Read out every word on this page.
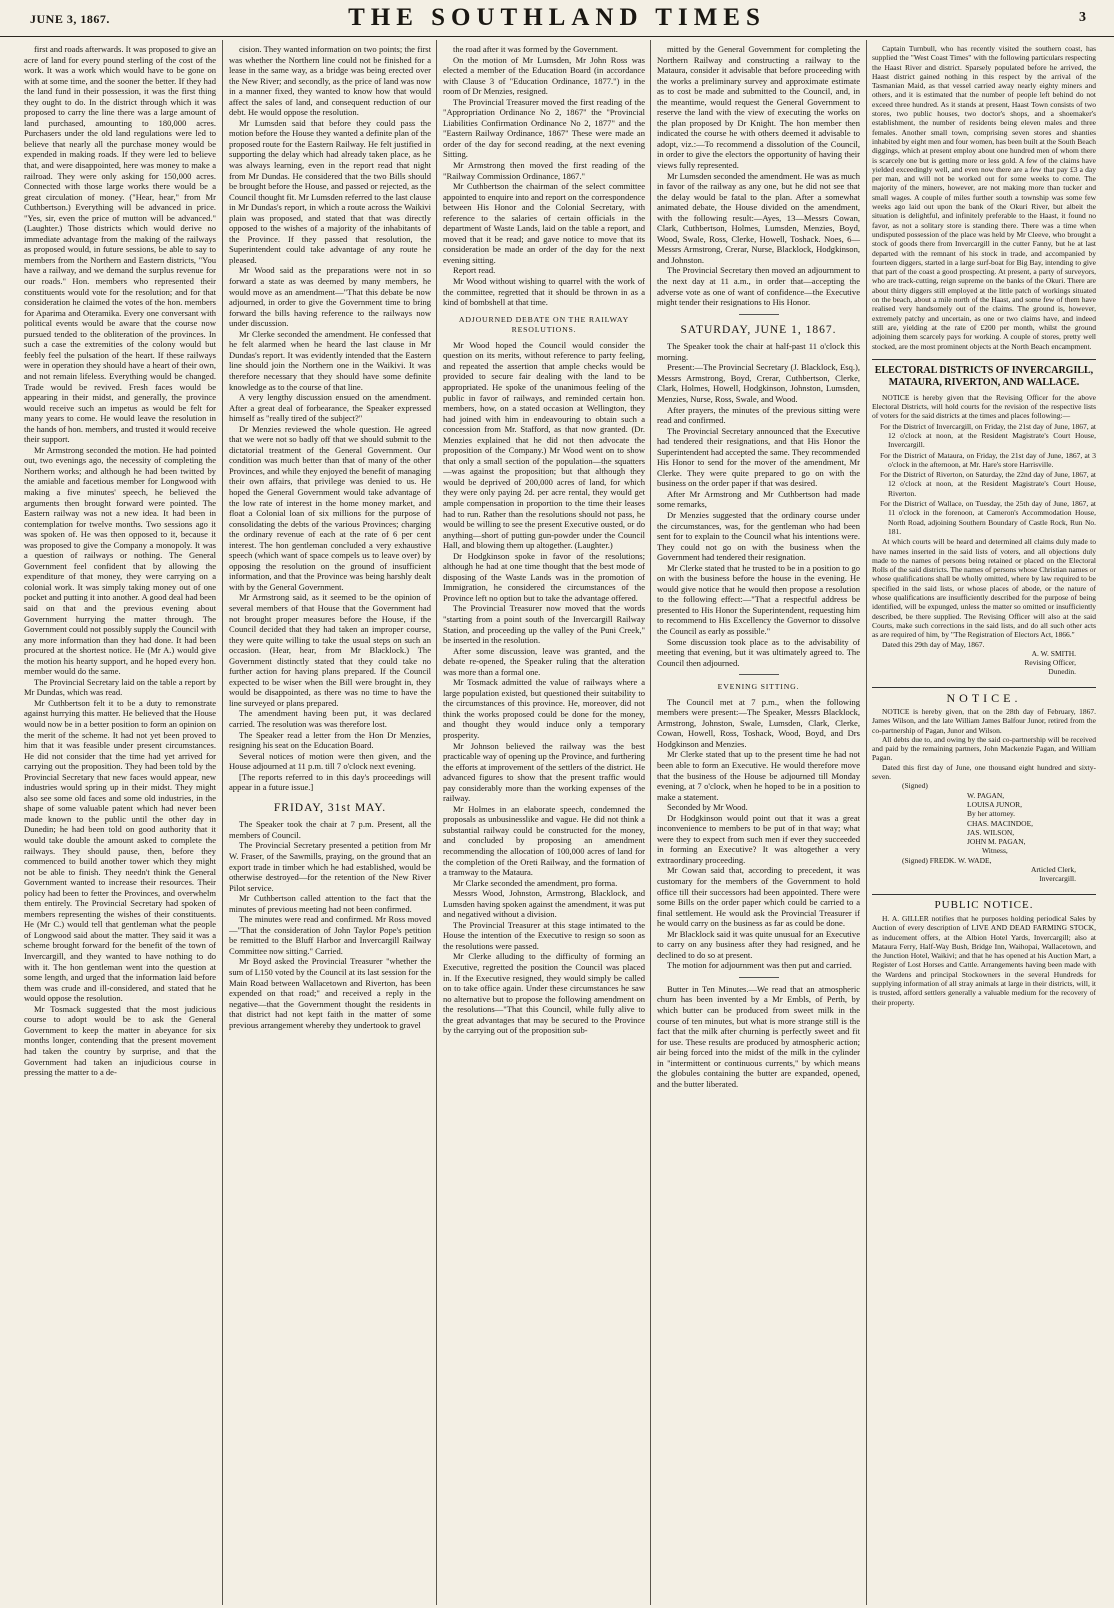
JUNE 3, 1867.	THE SOUTHLAND TIMES	3

first and roads afterwards. It was proposed to give an acre of land for every pound sterling of the cost of the work. It was a work which would have to be gone on with at some time, and the sooner the better. If they had the land fund in their possession, it was the first thing they ought to do. In the district through which it was proposed to carry the line there was a large amount of land purchased, amounting to 180,000 acres. Purchasers under the old land regulations were led to believe that nearly all the purchase money would be expended in making roads. If they were led to believe that, and were disappointed, here was money to make a railroad. They were only asking for 150,000 acres. Connected with those large works there would be a great circulation of money. ("Hear, hear," from Mr Cuthbertson.) Everything will be advanced in price. "Yes, sir, even the price of mutton will be advanced." (Laughter.) Those districts which would derive no immediate advantage from the making of the railways as proposed would, in future sessions, be able to say to members from the Northern and Eastern districts, "You have a railway, and we demand the surplus revenue for our roads." Hon. members who represented their constituents would vote for the resolution; and for that consideration he claimed the votes of the hon. members for Aparima and Oteramika. Every one conversant with political events would be aware that the course now pursued tended to the obliteration of the provinces. In such a case the extremities of the colony would but feebly feel the pulsation of the heart. If these railways were in operation they should have a heart of their own, and not remain lifeless. Everything would be changed. Trade would be revived. Fresh faces would be appearing in their midst, and generally, the province would receive such an impetus as would be felt for many years to come. He would leave the resolution in the hands of hon. members, and trusted it would receive their support.

Mr Armstrong seconded the motion. He had pointed out, two evenings ago, the necessity of completing the Northern works; and although he had been twitted by the amiable and facetious member for Longwood with making a five minutes' speech, he believed the arguments then brought forward were pointed. The Eastern railway was not a new idea. It had been in contemplation for twelve months. Two sessions ago it was spoken of. He was then opposed to it, because it was proposed to give the Company a monopoly. It was a question of railways or nothing. The General Government feel confident that by allowing the expenditure of that money, they were carrying on a colonial work. It was simply taking money out of one pocket and putting it into another. A good deal had been said on that and the previous evening about Government hurrying the matter through. The Government could not possibly supply the Council with any more information than they had done. It had been procured at the shortest notice. He (Mr A.) would give the motion his hearty support, and he hoped every hon. member would do the same.

The Provincial Secretary laid on the table a report by Mr Dundas, which was read.

Mr Cuthbertson felt it to be a duty to remonstrate against hurrying this matter. He believed that the House would now be in a better position to form an opinion on the merit of the scheme. It had not yet been proved to him that it was feasible under present circumstances. He did not consider that the time had yet arrived for carrying out the proposition. They had been told by the Provincial Secretary that new faces would appear, new industries would spring up in their midst. They might also see some old faces and some old industries, in the shape of some valuable patent which had never been made known to the public until the other day in Dunedin; he had been told on good authority that it would take double the amount asked to complete the railways. They should pause, then, before they commenced to build another tower which they might not be able to finish. They needn't think the General Government wanted to increase their resources. Their policy had been to fetter the Provinces, and overwhelm them entirely. The Provincial Secretary had spoken of members representing the wishes of their constituents. He (Mr C.) would tell that gentleman what the people of Longwood said about the matter. They said it was a scheme brought forward for the benefit of the town of Invercargill, and they wanted to have nothing to do with it. The hon gentleman went into the question at some length, and urged that the information laid before them was crude and ill-considered, and stated that he would oppose the resolution.

Mr Tosmack suggested that the most judicious course to adopt would be to ask the General Government to keep the matter in abeyance for six months longer, contending that the present movement had taken the country by surprise, and that the Government had taken an injudicious course in pressing the matter to a de-

cision. They wanted information on two points; the first was whether the Northern line could not be finished for a lease in the same way, as a bridge was being erected over the New River; and secondly, as the price of land was now in a manner fixed, they wanted to know how that would affect the sales of land, and consequent reduction of our debt. He would oppose the resolution.

Mr Lumsden said that before they could pass the motion before the House they wanted a definite plan of the proposed route for the Eastern Railway. He felt justified in supporting the delay which had already taken place, as he was always learning, even in the report read that night from Mr Dundas. He considered that the two Bills should be brought before the House, and passed or rejected, as the Council thought fit. Mr Lumsden referred to the last clause in Mr Dundas's report, in which a route across the Waikivi plain was proposed, and stated that that was directly opposed to the wishes of a majority of the inhabitants of the Province. If they passed that resolution, the Superintendent could take advantage of any route he pleased.

Mr Wood said as the preparations were not in so forward a state as was deemed by many members, he would move as an amendment—"That this debate be now adjourned, in order to give the Government time to bring forward the bills having reference to the railways now under discussion.

Mr Clerke seconded the amendment. He confessed that he felt alarmed when he heard the last clause in Mr Dundas's report. It was evidently intended that the Eastern line should join the Northern one in the Waikivi. It was therefore necessary that they should have some definite knowledge as to the course of that line.

A very lengthy discussion ensued on the amendment. After a great deal of forbearance, the Speaker expressed himself as "really tired of the subject?"

Dr Menzies reviewed the whole question. He agreed that we were not so badly off that we should submit to the dictatorial treatment of the General Government. Our condition was much better than that of many of the other Provinces, and while they enjoyed the benefit of managing their own affairs, that privilege was denied to us. He hoped the General Government would take advantage of the low rate of interest in the home money market, and float a Colonial loan of six millions for the purpose of consolidating the debts of the various Provinces; charging the ordinary revenue of each at the rate of 6 per cent interest. The hon gentleman concluded a very exhaustive speech (which want of space compels us to leave over) by opposing the resolution on the ground of insufficient information, and that the Province was being harshly dealt with by the General Government.

Mr Armstrong said, as it seemed to be the opinion of several members of that House that the Government had not brought proper measures before the House, if the Council decided that they had taken an improper course, they were quite willing to take the usual steps on such an occasion. (Hear, hear, from Mr Blacklock.) The Government distinctly stated that they could take no further action for having plans prepared. If the Council expected to be wiser when the Bill were brought in, they would be disappointed, as there was no time to have the line surveyed or plans prepared.

The amendment having been put, it was declared carried. The resolution was was therefore lost.

The Speaker read a letter from the Hon Dr Menzies, resigning his seat on the Education Board.

Several notices of motion were then given, and the House adjourned at 11 p.m. till 7 o'clock next evening.

[The reports referred to in this day's proceedings will appear in a future issue.]

FRIDAY, 31st MAY.

The Speaker took the chair at 7 p.m. Present, all the members of Council.

The Provincial Secretary presented a petition from Mr W. Fraser, of the Sawmills, praying, on the ground that an export trade in timber which he had established, would be otherwise destroyed—for the retention of the New River Pilot service.

Mr Cuthbertson called attention to the fact that the minutes of previous meeting had not been confirmed.

The minutes were read and confirmed. Mr Ross moved—"That the consideration of John Taylor Pope's petition be remitted to the Bluff Harbor and Invercargill Railway Committee now sitting." Carried.

Mr Boyd asked the Provincial Treasurer "whether the sum of L150 voted by the Council at its last session for the Main Road between Wallacetown and Riverton, has been expended on that road;" and received a reply in the negative—that the Government thought the residents in that district had not kept faith in the matter of some previous arrangement whereby they undertook to gravel

the road after it was formed by the Government.

On the motion of Mr Lumsden, Mr John Ross was elected a member of the Education Board (in accordance with Clause 3 of "Education Ordinance, 1877.") in the room of Dr Menzies, resigned.

The Provincial Treasurer moved the first reading of the "Appropriation Ordinance No 2, 1867" the "Provincial Liabilities Confirmation Ordinance No 2, 1877" and the "Eastern Railway Ordinance, 1867" These were made an order of the day for second reading, at the next evening Sitting.

Mr Armstrong then moved the first reading of the "Railway Commission Ordinance, 1867."

Mr Cuthbertson the chairman of the select committee appointed to enquire into and report on the correspondence between His Honor and the Colonial Secretary, with reference to the salaries of certain officials in the department of Waste Lands, laid on the table a report, and moved that it be read; and gave notice to move that its consideration be made an order of the day for the next evening sitting.

Report read.

Mr Wood without wishing to quarrel with the work of the committee, regretted that it should be thrown in as a kind of bombshell at that time.

ADJOURNED DEBATE ON THE RAILWAY RESOLUTIONS.

Mr Wood hoped the Council would consider the question on its merits, without reference to party feeling, and repeated the assertion that ample checks would be provided to secure fair dealing with the land to be appropriated. He spoke of the unanimous feeling of the public in favor of railways, and reminded certain hon. members, how, on a stated occasion at Wellington, they had joined with him in endeavouring to obtain such a concession from Mr. Stafford, as that now granted. (Dr. Menzies explained that he did not then advocate the proposition of the Company.) Mr Wood went on to show that only a small section of the population—the squatters—was against the proposition; but that although they would be deprived of 200,000 acres of land, for which they were only paying 2d. per acre rental, they would get ample compensation in proportion to the time their leases had to run. Rather than the resolutions should not pass, he would be willing to see the present Executive ousted, or do anything—short of putting gun-powder under the Council Hall, and blowing them up altogether. (Laughter.)

Dr Hodgkinson spoke in favor of the resolutions; although he had at one time thought that the best mode of disposing of the Waste Lands was in the promotion of Immigration, he considered the circumstances of the Province left no option but to take the advantage offered.

The Provincial Treasurer now moved that the words "starting from a point south of the Invercargill Railway Station, and proceeding up the valley of the Puni Creek," be inserted in the resolution.

After some discussion, leave was granted, and the debate re-opened, the Speaker ruling that the alteration was more than a formal one.

Mr Tosmack admitted the value of railways where a large population existed, but questioned their suitability to the circumstances of this province. He, moreover, did not think the works proposed could be done for the money, and thought they would induce only a temporary prosperity.

Mr Johnson believed the railway was the best practicable way of opening up the Province, and furthering the efforts at improvement of the settlers of the district. He advanced figures to show that the present traffic would pay considerably more than the working expenses of the railway.

Mr Holmes in an elaborate speech, condemned the proposals as unbusinesslike and vague. He did not think a substantial railway could be constructed for the money, and concluded by proposing an amendment recommending the allocation of 100,000 acres of land for the completion of the Oreti Railway, and the formation of a tramway to the Mataura.

Mr Clarke seconded the amendment, pro forma.

Messrs Wood, Johnston, Armstrong, Blacklock, and Lumsden having spoken against the amendment, it was put and negatived without a division.

The Provincial Treasurer at this stage intimated to the House the intention of the Executive to resign so soon as the resolutions were passed.

Mr Clerke alluding to the difficulty of forming an Executive, regretted the position the Council was placed in. If the Executive resigned, they would simply be called on to take office again. Under these circumstances he saw no alternative but to propose the following amendment on the resolutions—"That this Council, while fully alive to the great advantages that may be secured to the Province by the carrying out of the proposition sub-

mitted by the General Government for completing the Northern Railway and constructing a railway to the Mataura, consider it advisable that before proceeding with the works a preliminary survey and approximate estimate as to cost be made and submitted to the Council, and, in the meantime, would request the General Government to reserve the land with the view of executing the works on the plan proposed by Dr Knight. The hon member then indicated the course he with others deemed it advisable to adopt, viz.:—To recommend a dissolution of the Council, in order to give the electors the opportunity of having their views fully represented.

Mr Lumsden seconded the amendment. He was as much in favor of the railway as any one, but he did not see that the delay would be fatal to the plan. After a somewhat animated debate, the House divided on the amendment, with the following result:—Ayes, 13—Messrs Cowan, Clark, Cuthbertson, Holmes, Lumsden, Menzies, Boyd, Wood, Swale, Ross, Clerke, Howell, Toshack. Noes, 6—Messrs Armstrong, Crerar, Nurse, Blacklock, Hodgkinson, and Johnston.

The Provincial Secretary then moved an adjournment to the next day at 11 a.m., in order that—accepting the adverse vote as one of want of confidence—the Executive might tender their resignations to His Honor.

SATURDAY, JUNE 1, 1867.

The Speaker took the chair at half-past 11 o'clock this morning.

Present:—The Provincial Secretary (J. Blacklock, Esq.), Messrs Armstrong, Boyd, Crerar, Cuthbertson, Clerke, Clark, Holmes, Howell, Hodgkinson, Johnston, Lumsden, Menzies, Nurse, Ross, Swale, and Wood.

After prayers, the minutes of the previous sitting were read and confirmed.

The Provincial Secretary announced that the Executive had tendered their resignations, and that His Honor the Superintendent had accepted the same. They recommended His Honor to send for the mover of the amendment, Mr Clerke. They were quite prepared to go on with the business on the order paper if that was desired.

After Mr Armstrong and Mr Cuthbertson had made some remarks,

Dr Menzies suggested that the ordinary course under the circumstances, was, for the gentleman who had been sent for to explain to the Council what his intentions were. They could not go on with the business when the Government had tendered their resignation.

Mr Clerke stated that he trusted to be in a position to go on with the business before the house in the evening. He would give notice that he would then propose a resolution to the following effect:—"That a respectful address be presented to His Honor the Superintendent, requesting him to recommend to His Excellency the Governor to dissolve the Council as early as possible."

Some discussion took place as to the advisability of meeting that evening, but it was ultimately agreed to. The Council then adjourned.

EVENING SITTING.

The Council met at 7 p.m., when the following members were present:—The Speaker, Messrs Blacklock, Armstrong, Johnston, Swale, Lumsden, Clark, Clerke, Cowan, Howell, Ross, Toshack, Wood, Boyd, and Drs Hodgkinson and Menzies.

Mr Clerke stated that up to the present time he had not been able to form an Executive. He would therefore move that the business of the House be adjourned till Monday evening, at 7 o'clock, when he hoped to be in a position to make a statement.

Seconded by Mr Wood.

Dr Hodgkinson would point out that it was a great inconvenience to members to be put of in that way; what were they to expect from such men if ever they succeeded in forming an Executive? It was altogether a very extraordinary proceeding.

Mr Cowan said that, according to precedent, it was customary for the members of the Government to hold office till their successors had been appointed. There were some Bills on the order paper which could be carried to a final settlement. He would ask the Provincial Treasurer if he would carry on the business as far as could be done.

Mr Blacklock said it was quite unusual for an Executive to carry on any business after they had resigned, and he declined to do so at present.

The motion for adjournment was then put and carried.

Butter in Ten Minutes.—We read that an atmospheric churn has been invented by a Mr Embls, of Perth, by which butter can be produced from sweet milk in the course of ten minutes, but what is more strange still is the fact that the milk after churning is perfectly sweet and fit for use. These results are produced by atmospheric action; air being forced into the midst of the milk in the cylinder in "intermittent or continuous currents," by which means the globules containing the butter are expanded, opened, and the butter liberated.

Captain Turnbull, who has recently visited the southern coast, has supplied the "West Coast Times" with the following particulars respecting the Haast River and district. Sparsely populated before he arrived, the Haast district gained nothing in this respect by the arrival of the Tasmanian Maid, as that vessel carried away nearly eighty miners and others, and it is estimated that the number of people left behind do not exceed three hundred. As it stands at present, Haast Town consists of two stores, two public houses, two doctor's shops, and a shoemaker's establishment, the number of residents being eleven males and three females. Another small town, comprising seven stores and shanties inhabited by eight men and four women, has been built at the South Beach diggings, which at present employ about one hundred men of whom there is scarcely one but is getting more or less gold. A few of the claims have yielded exceedingly well, and even now there are a few that pay £3 a day per man, and will not be worked out for some weeks to come. The majority of the miners, however, are not making more than tucker and small wages. A couple of miles further south a township was some few weeks ago laid out upon the bank of the Okuri River, but albeit the situation is delightful, and infinitely preferable to the Haast, it found no favor, as not a solitary store is standing there. There was a time when undisputed possession of the place was held by Mr Cleeve, who brought a stock of goods there from Invercargill in the cutter Fanny, but he at last departed with the remnant of his stock in trade, and accompanied by fourteen diggers, started in a large surf-boat for Big Bay, intending to give that part of the coast a good prospecting. At present, a party of surveyors, who are track-cutting, reign supreme on the banks of the Okuri. There are about thirty diggers still employed at the little patch of workings situated on the beach, about a mile north of the Haast, and some few of them have realised very handsomely out of the claims. The ground is, however, extremely patchy and uncertain, as one or two claims have, and indeed still are, yielding at the rate of £200 per month, whilst the ground adjoining them scarcely pays for working. A couple of stores, pretty well stocked, are the most prominent objects at the North Beach encampment.

ELECTORAL DISTRICTS OF INVERCARGILL, MATAURA, RIVERTON, AND WALLACE.

NOTICE is hereby given that the Revising Officer for the above Electoral Districts, will hold courts for the revision of the respective lists of voters for the said districts at the times and places following:—

For the District of Invercargill, on Friday, the 21st day of June, 1867, at 12 o'clock at noon, at the Resident Magistrate's Court House, Invercargill.
For the District of Mataura, on Friday, the 21st day of June, 1867, at 3 o'clock in the afternoon, at Mr. Hare's store Harrisville.
For the District of Riverton, on Saturday, the 22nd day of June, 1867, at 12 o'clock at noon, at the Resident Magistrate's Court House, Riverton.
For the District of Wallace, on Tuesday, the 25th day of June, 1867, at 11 o'clock in the forenoon, at Cameron's Accommodation House, North Road, adjoining Southern Boundary of Castle Rock, Run No. 181.

At which courts will be heard and determined all claims duly made to have names inserted in the said lists of voters, and all objections duly made to the names of persons being retained or placed on the Electoral Rolls of the said districts. The names of persons whose Christian names or whose qualifications shall be wholly omitted, where by law required to be specified in the said lists, or whose places of abode, or the nature of whose qualifications are insufficiently described for the purpose of being identified, will be expunged, unless the matter so omitted or insufficiently described, be there supplied. The Revising Officer will also at the said Courts, make such corrections in the said lists, and do all such other acts as are required of him, by "The Registration of Electors Act, 1866."

Dated this 29th day of May, 1867.

A. W. SMITH.
Revising Officer,
Dunedin.
NOTICE.

NOTICE is hereby given, that on the 28th day of February, 1867. James Wilson, and the late William James Balfour Junor, retired from the co-partnership of Pagan, Junor and Wilson.

All debts due to, and owing by the said co-partnership will be received and paid by the remaining partners, John Mackenzie Pagan, and William Pagan.

Dated this first day of June, one thousand eight hundred and sixty-seven.

(Signed)
W. PAGAN,
LOUISA JUNOR,
By her attorney.
CHAS. MACINDOE,
JAS. WILSON,
JOHN M. PAGAN,
Witness,
(Signed) FREDK. W. WADE,
Articled Clerk,
Invercargill.
PUBLIC NOTICE.

H. A. GILLER notifies that he purposes holding periodical Sales by Auction of every description of LIVE AND DEAD FARMING STOCK, as inducement offers, at the Albion Hotel Yards, Invercargill; also at Mataura Ferry, Half-Way Bush, Bridge Inn, Waihopai, Wallacetown, and the Junction Hotel, Waikivi; and that he has opened at his Auction Mart, a Register of Lost Horses and Cattle. Arrangements having been made with the Wardens and principal Stockowners in the several Hundreds for supplying information of all stray animals at large in their districts, will, it is trusted, afford settlers generally a valuable medium for the recovery of their property.
